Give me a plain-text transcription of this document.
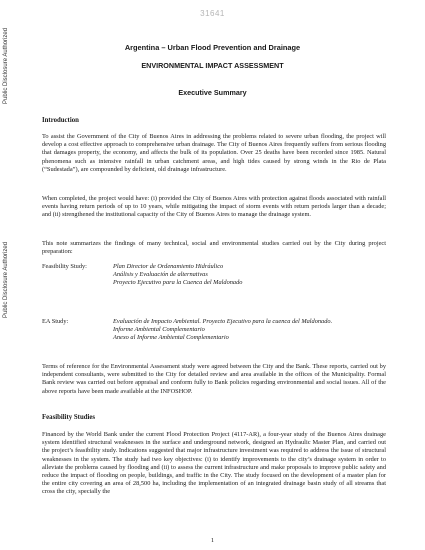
31641
Public Disclosure Authorized
Public Disclosure Authorized
Argentina – Urban Flood Prevention and Drainage
ENVIRONMENTAL IMPACT ASSESSMENT
Executive Summary
Introduction

To assist the Government of the City of Buenos Aires in addressing the problems related to severe urban flooding, the project will develop a cost effective approach to comprehensive urban drainage. The City of Buenos Aires frequently suffers from serious flooding that damages property, the economy, and affects the bulk of its population. Over 25 deaths have been recorded since 1985. Natural phenomena such as intensive rainfall in urban catchment areas, and high tides caused by strong winds in the Rio de Plata (“Sudestada”), are compounded by deficient, old drainage infrastructure.

When completed, the project would have: (i) provided the City of Buenos Aires with protection against floods associated with rainfall events having return periods of up to 10 years, while mitigating the impact of storm events with return periods larger than a decade; and (ii) strengthened the institutional capacity of the City of Buenos Aires to manage the drainage system.

This note summarizes the findings of many technical, social and environmental studies carried out by the City during project preparation:

Feasibility Study:	Plan Director de Ordenamiento Hidráulico
Análisis y Evaluación de alternativas
Proyecto Ejecutivo para la Cuenca del Maldonado
EA Study:	Evaluación de Impacto Ambiental. Proyecto Ejecutivo para la cuenca del Maldonado.
Informe Ambiental Complementario
Anexo al Informe Ambiental Complementario

Terms of reference for the Environmental Assessment study were agreed between the City and the Bank. These reports, carried out by independent consultants, were submitted to the City for detailed review and area available in the offices of the Municipality. Formal Bank review was carried out before appraisal and conform fully to Bank policies regarding environmental and social issues. All of the above reports have been made available at the INFOSHOP.

Feasibility Studies

Financed by the World Bank under the current Flood Protection Project (4117-AR), a four-year study of the Buenos Aires drainage system identified structural weaknesses in the surface and underground network, designed an Hydraulic Master Plan, and carried out the project’s feasibility study. Indications suggested that major infrastructure investment was required to address the issue of structural weaknesses in the system. The study had two key objectives: (i) to identify improvements to the city’s drainage system in order to alleviate the problems caused by flooding and (ii) to assess the current infrastructure and make proposals to improve public safety and reduce the impact of flooding on people, buildings, and traffic in the City. The study focused on the development of a master plan for the entire city covering an area of 28,500 ha, including the implementation of an integrated drainage basin study of all streams that cross the city, specially the

1
